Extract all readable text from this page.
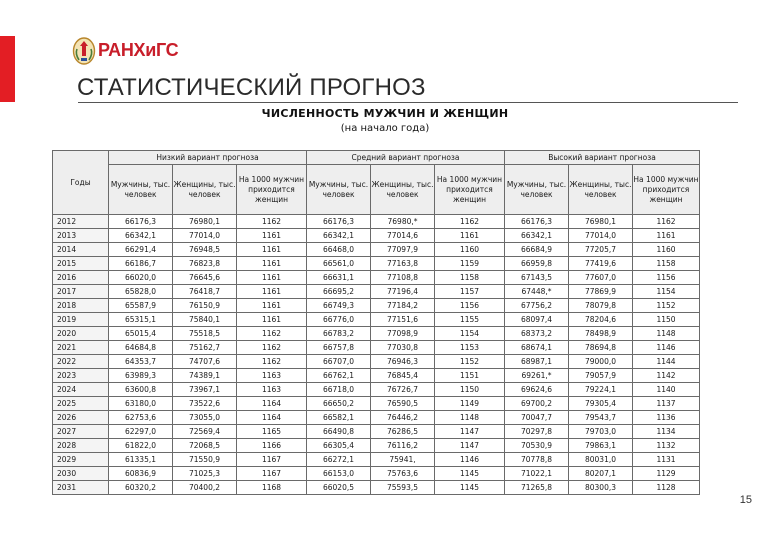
РАНХиГС
СТАТИСТИЧЕСКИЙ ПРОГНОЗ
ЧИСЛЕННОСТЬ МУЖЧИН И ЖЕНЩИН
(на начало года)
Годы	Низкий вариант прогноза			Средний вариант прогноза			Высокий вариант прогноза		
	Мужчины, тыс. человек	Женщины, тыс. человек	На 1000 мужчин приходится женщин	Мужчины, тыс. человек	Женщины, тыс. человек	На 1000 мужчин приходится женщин	Мужчины, тыс. человек	Женщины, тыс. человек	На 1000 мужчин приходится женщин
2012	66176,3	76980,1	1162	66176,3	76980,*	1162	66176,3	76980,1	1162
2013	66342,1	77014,0	1161	66342,1	77014,6	1161	66342,1	77014,0	1161
2014	66291,4	76948,5	1161	66468,0	77097,9	1160	66684,9	77205,7	1160
2015	66186,7	76823,8	1161	66561,0	77163,8	1159	66959,8	77419,6	1158
2016	66020,0	76645,6	1161	66631,1	77108,8	1158	67143,5	77607,0	1156
2017	65828,0	76418,7	1161	66695,2	77196,4	1157	67448,*	77869,9	1154
2018	65587,9	76150,9	1161	66749,3	77184,2	1156	67756,2	78079,8	1152
2019	65315,1	75840,1	1161	66776,0	77151,6	1155	68097,4	78204,6	1150
2020	65015,4	75518,5	1162	66783,2	77098,9	1154	68373,2	78498,9	1148
2021	64684,8	75162,7	1162	66757,8	77030,8	1153	68674,1	78694,8	1146
2022	64353,7	74707,6	1162	66707,0	76946,3	1152	68987,1	79000,0	1144
2023	63989,3	74389,1	1163	66762,1	76845,4	1151	69261,*	79057,9	1142
2024	63600,8	73967,1	1163	66718,0	76726,7	1150	69624,6	79224,1	1140
2025	63180,0	73522,6	1164	66650,2	76590,5	1149	69700,2	79305,4	1137
2026	62753,6	73055,0	1164	66582,1	76446,2	1148	70047,7	79543,7	1136
2027	62297,0	72569,4	1165	66490,8	76286,5	1147	70297,8	79703,0	1134
2028	61822,0	72068,5	1166	66305,4	76116,2	1147	70530,9	79863,1	1132
2029	61335,1	71550,9	1167	66272,1	75941,	1146	70778,8	80031,0	1131
2030	60836,9	71025,3	1167	66153,0	75763,6	1145	71022,1	80207,1	1129
2031	60320,2	70400,2	1168	66020,5	75593,5	1145	71265,8	80300,3	1128
15
